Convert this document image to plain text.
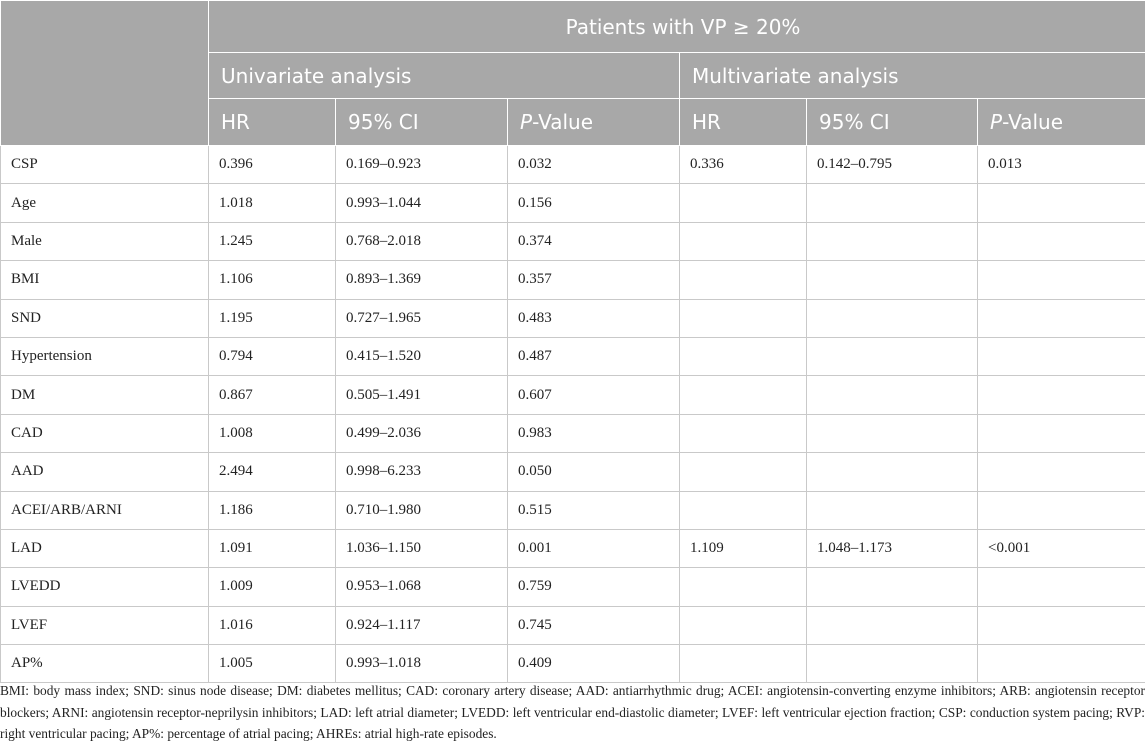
	Patients with VP ≥ 20%					
	Univariate analysis			Multivariate analysis		
	HR	95% CI	P-Value	HR	95% CI	P-Value
CSP	0.396	0.169–0.923	0.032	0.336	0.142–0.795	0.013
Age	1.018	0.993–1.044	0.156			
Male	1.245	0.768–2.018	0.374			
BMI	1.106	0.893–1.369	0.357			
SND	1.195	0.727–1.965	0.483			
Hypertension	0.794	0.415–1.520	0.487			
DM	0.867	0.505–1.491	0.607			
CAD	1.008	0.499–2.036	0.983			
AAD	2.494	0.998–6.233	0.050			
ACEI/ARB/ARNI	1.186	0.710–1.980	0.515			
LAD	1.091	1.036–1.150	0.001	1.109	1.048–1.173	<0.001
LVEDD	1.009	0.953–1.068	0.759			
LVEF	1.016	0.924–1.117	0.745			
AP%	1.005	0.993–1.018	0.409			
BMI: body mass index; SND: sinus node disease; DM: diabetes mellitus; CAD: coronary artery disease; AAD: antiarrhythmic drug; ACEI: angiotensin-converting enzyme inhibitors; ARB: angiotensin receptor blockers; ARNI: angiotensin receptor-neprilysin inhibitors; LAD: left atrial diameter; LVEDD: left ventricular end-diastolic diameter; LVEF: left ventricular ejection fraction; CSP: conduction system pacing; RVP: right ventricular pacing; AP%: percentage of atrial pacing; AHREs: atrial high-rate episodes.
